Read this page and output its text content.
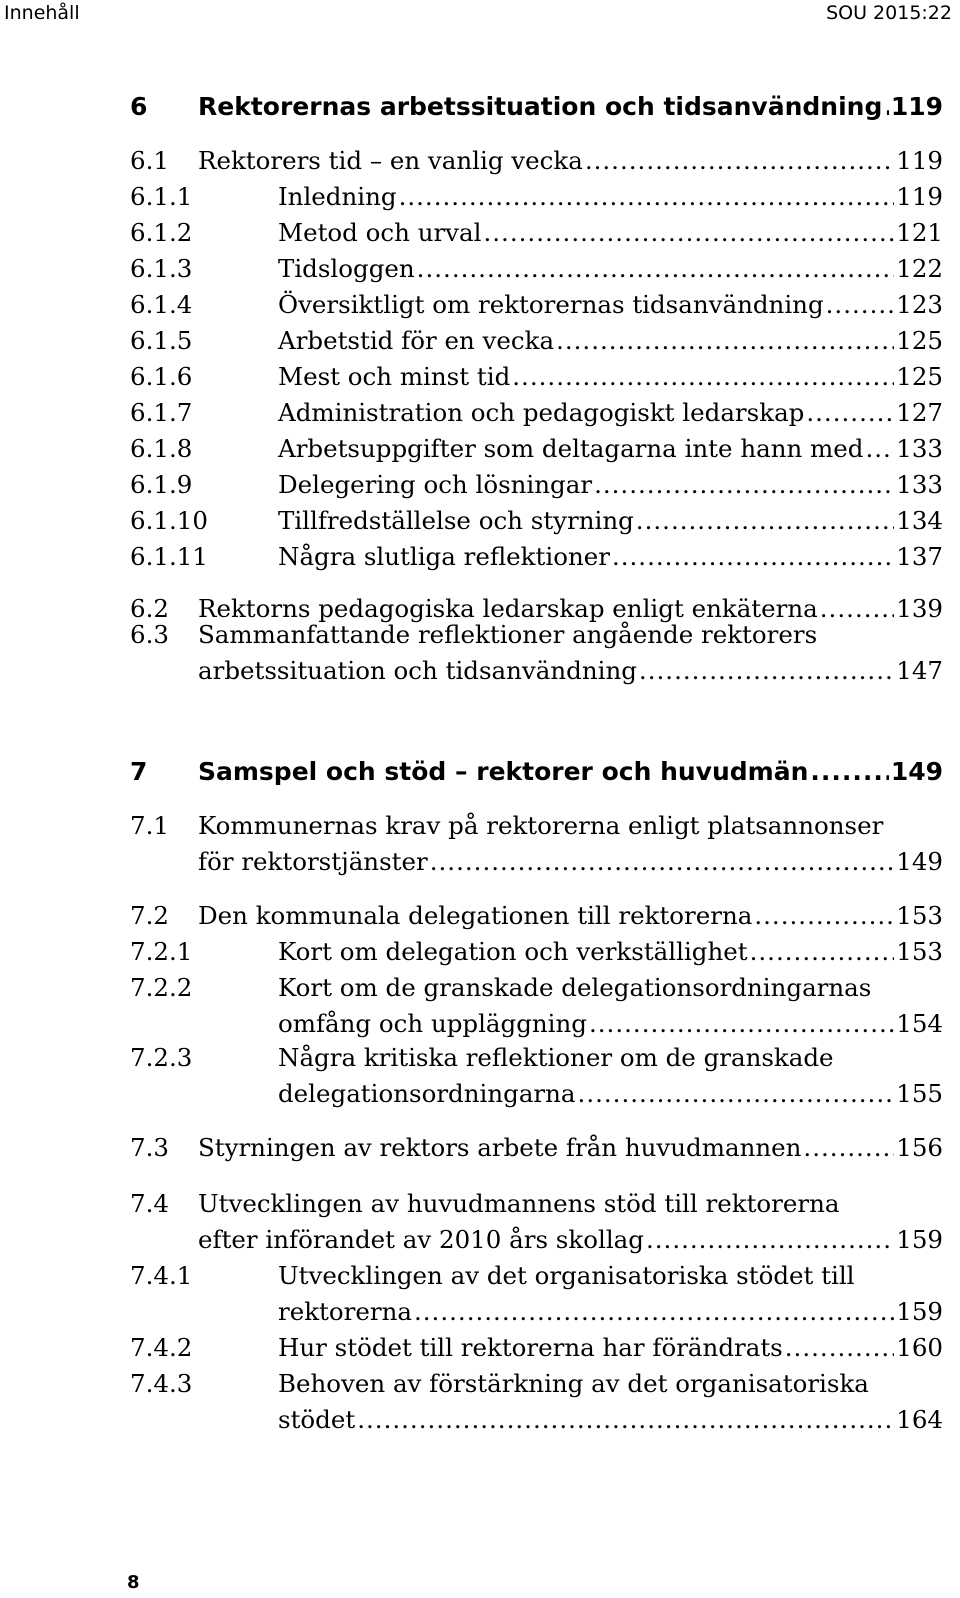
Innehåll	SOU 2015:22
6 Rektorernas arbetssituation och tidsanvändning ..... 119
6.1 Rektorers tid – en vanlig vecka .....	119
6.1.1	Inledning .....	119
6.1.2	Metod och urval .....	121
6.1.3	Tidsloggen .....	122
6.1.4	Översiktligt om rektorernas tidsanvändning .....	123
6.1.5	Arbetstid för en vecka .....	125
6.1.6	Mest och minst tid .....	125
6.1.7	Administration och pedagogiskt ledarskap .....	127
6.1.8	Arbetsuppgifter som deltagarna inte hann med ..... 133
6.1.9	Delegering och lösningar .....	133
6.1.10	Tillfredställelse och styrning .....	134
6.1.11	Några slutliga reflektioner .....	137
6.2 Rektorns pedagogiska ledarskap enligt enkäterna .....	139
6.3 Sammanfattande reflektioner angående rektorers
arbetssituation och tidsanvändning .....	147
7 Samspel och stöd – rektorer och huvudmän .....	149
7.1 Kommunernas krav på rektorerna enligt platsannonser
för rektorstjänster .....	149
7.2 Den kommunala delegationen till rektorerna .....	153
7.2.1	Kort om delegation och verkställighet .....	153
7.2.2	Kort om de granskade delegationsordningarnas
omfång och uppläggning .....	154
7.2.3	Några kritiska reflektioner om de granskade
delegationsordningarna .....	155
7.3 Styrningen av rektors arbete från huvudmannen .....	156
7.4 Utvecklingen av huvudmannens stöd till rektorerna
efter införandet av 2010 års skollag .....	159
7.4.1	Utvecklingen av det organisatoriska stödet till
rektorerna .....	159
7.4.2	Hur stödet till rektorerna har förändrats .....	160
7.4.3	Behoven av förstärkning av det organisatoriska
stödet .....	164
8
